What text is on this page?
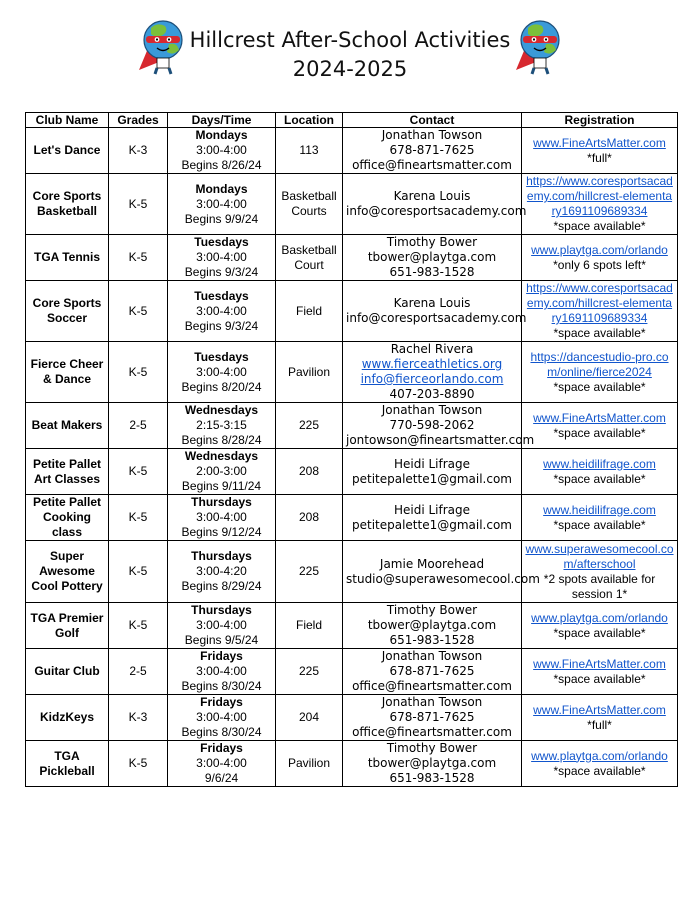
Hillcrest After-School Activities
2024-2025
Club Name	Grades	Days/Time	Location	Contact	Registration

Let's Dance	K-3	Mondays
3:00-4:00
Begins 8/26/24	113	Jonathan Towson
678-871-7625
office@fineartsmatter.com	www.FineArtsMatter.com
*full*

Core Sports
Basketball	K-5	Mondays
3:00-4:00
Begins 9/9/24	Basketball
Courts	Karena Louis
info@coresportsacademy.com	https://www.coresportsacademy.com/hillcrest-elementary1691109689334
*space available*

TGA Tennis	K-5	Tuesdays
3:00-4:00
Begins 9/3/24	Basketball
Court	Timothy Bower
tbower@playtga.com
651-983-1528	www.playtga.com/orlando
*only 6 spots left*

Core Sports
Soccer	K-5	Tuesdays
3:00-4:00
Begins 9/3/24	Field	Karena Louis
info@coresportsacademy.com	https://www.coresportsacademy.com/hillcrest-elementary1691109689334
*space available*

Fierce Cheer
& Dance	K-5	Tuesdays
3:00-4:00
Begins 8/20/24	Pavilion	Rachel Rivera
www.fierceathletics.org
info@fierceorlando.com
407-203-8890	https://dancestudio-pro.com/online/fierce2024
*space available*

Beat Makers	2-5	Wednesdays
2:15-3:15
Begins 8/28/24	225	Jonathan Towson
770-598-2062
jontowson@fineartsmatter.com	www.FineArtsMatter.com
*space available*

Petite Pallet
Art Classes	K-5	Wednesdays
2:00-3:00
Begins 9/11/24	208	Heidi Lifrage
petitepalette1@gmail.com	www.heidilifrage.com
*space available*

Petite Pallet
Cooking class	K-5	Thursdays
3:00-4:00
Begins 9/12/24	208	Heidi Lifrage
petitepalette1@gmail.com	www.heidilifrage.com
*space available*

Super
Awesome
Cool Pottery	K-5	Thursdays
3:00-4:20
Begins 8/29/24	225	Jamie Moorehead
studio@superawesomecool.com	www.superawesomecool.com/afterschool
*2 spots available for session 1*

TGA Premier
Golf	K-5	Thursdays
3:00-4:00
Begins 9/5/24	Field	Timothy Bower
tbower@playtga.com
651-983-1528	www.playtga.com/orlando
*space available*

Guitar Club	2-5	Fridays
3:00-4:00
Begins 8/30/24	225	Jonathan Towson
678-871-7625
office@fineartsmatter.com	www.FineArtsMatter.com
*space available*

KidzKeys	K-3	Fridays
3:00-4:00
Begins 8/30/24	204	Jonathan Towson
678-871-7625
office@fineartsmatter.com	www.FineArtsMatter.com
*full*

TGA
Pickleball	K-5	Fridays
3:00-4:00
9/6/24	Pavilion	Timothy Bower
tbower@playtga.com
651-983-1528	www.playtga.com/orlando
*space available*
